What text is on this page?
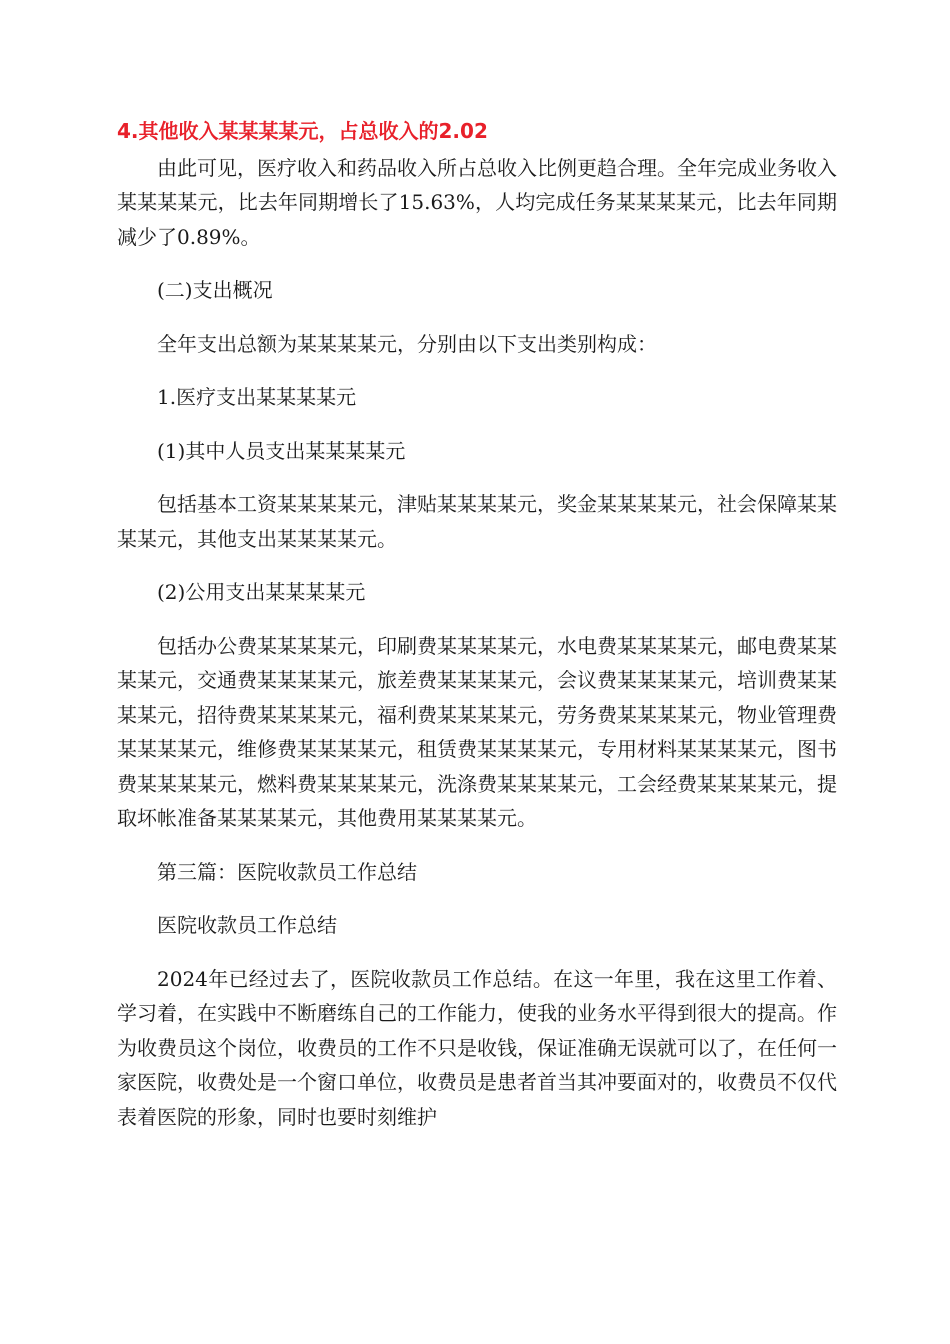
4.其他收入某某某某元，占总收入的2.02

由此可见，医疗收入和药品收入所占总收入比例更趋合理。全年完成业务收入某某某某元，比去年同期增长了15.63%，人均完成任务某某某某元，比去年同期减少了0.89%。

(二)支出概况

全年支出总额为某某某某元，分别由以下支出类别构成：

1.医疗支出某某某某元

(1)其中人员支出某某某某元

包括基本工资某某某某元，津贴某某某某元，奖金某某某某元，社会保障某某某某元，其他支出某某某某元。

(2)公用支出某某某某元

包括办公费某某某某元，印刷费某某某某元，水电费某某某某元，邮电费某某某某元，交通费某某某某元，旅差费某某某某元，会议费某某某某元，培训费某某某某元，招待费某某某某元，福利费某某某某元，劳务费某某某某元，物业管理费某某某某元，维修费某某某某元，租赁费某某某某元，专用材料某某某某元，图书费某某某某元，燃料费某某某某元，洗涤费某某某某元，工会经费某某某某元，提取坏帐准备某某某某元，其他费用某某某某元。

第三篇：医院收款员工作总结

医院收款员工作总结

2024年已经过去了，医院收款员工作总结。在这一年里，我在这里工作着、学习着，在实践中不断磨练自己的工作能力，使我的业务水平得到很大的提高。作为收费员这个岗位，收费员的工作不只是收钱，保证准确无误就可以了，在任何一家医院，收费处是一个窗口单位，收费员是患者首当其冲要面对的，收费员不仅代表着医院的形象，同时也要时刻维护
